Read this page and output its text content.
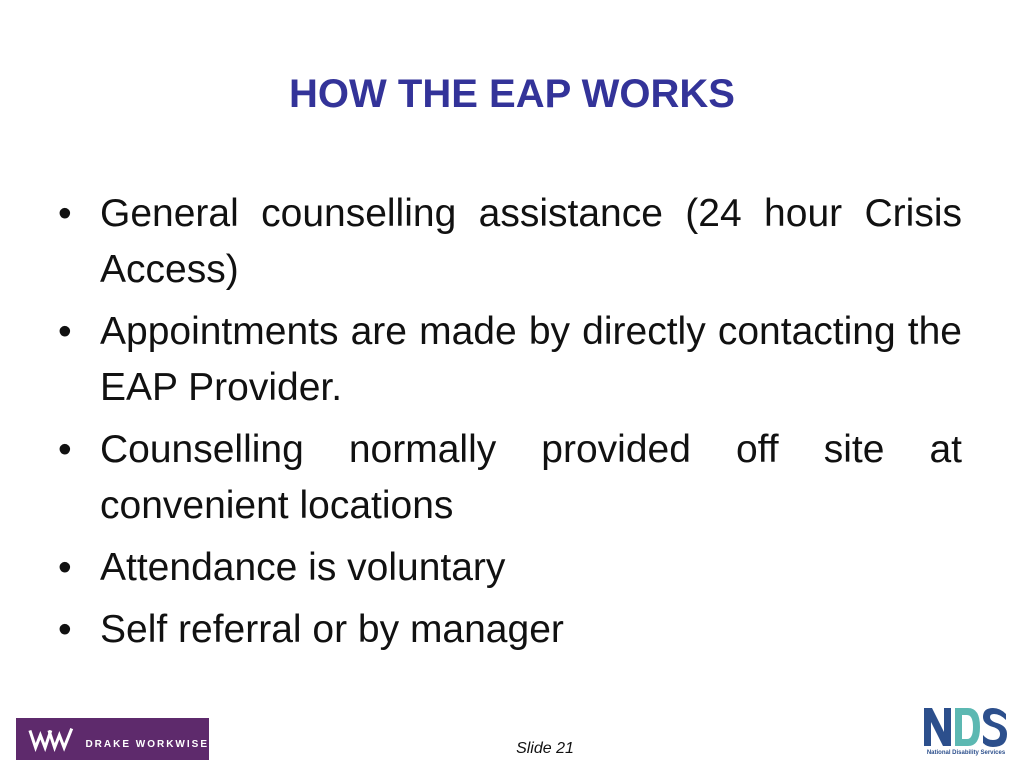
HOW THE EAP WORKS
• General counselling assistance (24 hour Crisis Access)
• Appointments are made by directly contacting the EAP Provider.
• Counselling normally provided off site at convenient locations
• Attendance is voluntary
• Self referral or by manager
DRAKE WORKWISE	Slide 21	National Disability Services
